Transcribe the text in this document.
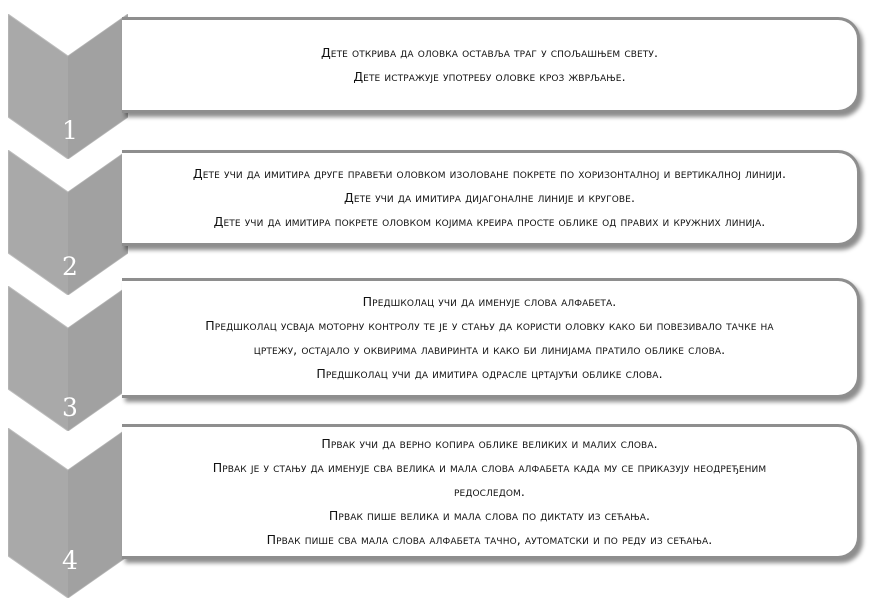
1
Дете открива да оловка оставља траг у спољашњем свету.
Дете истражује употребу оловке кроз жврљање.
2
Дете учи да имитира друге правећи оловком изоловане покрете по хоризонталној и вертикалној линији.
Дете учи да имитира дијагоналне линије и кругове.
Дете учи да имитира покрете оловком којима креира просте облике од правих и кружних линија.
3
Предшколац учи да именује слова алфабета.
Предшколац усваја моторну контролу те је у стању да користи оловку како би повезивало тачке на
цртежу, остајало у оквирима лавиринта и како би линијама пратило облике слова.
Предшколац учи да имитира одрасле цртајући облике слова.
4
Првак учи да верно копира облике великих и малих слова.
Првак је у стању да именује сва велика и мала слова алфабета када му се приказују неодређеним
редоследом.
Првак пише велика и мала слова по диктату из сећања.
Првак пише сва мала слова алфабета тачно, аутоматски и по реду из сећања.
